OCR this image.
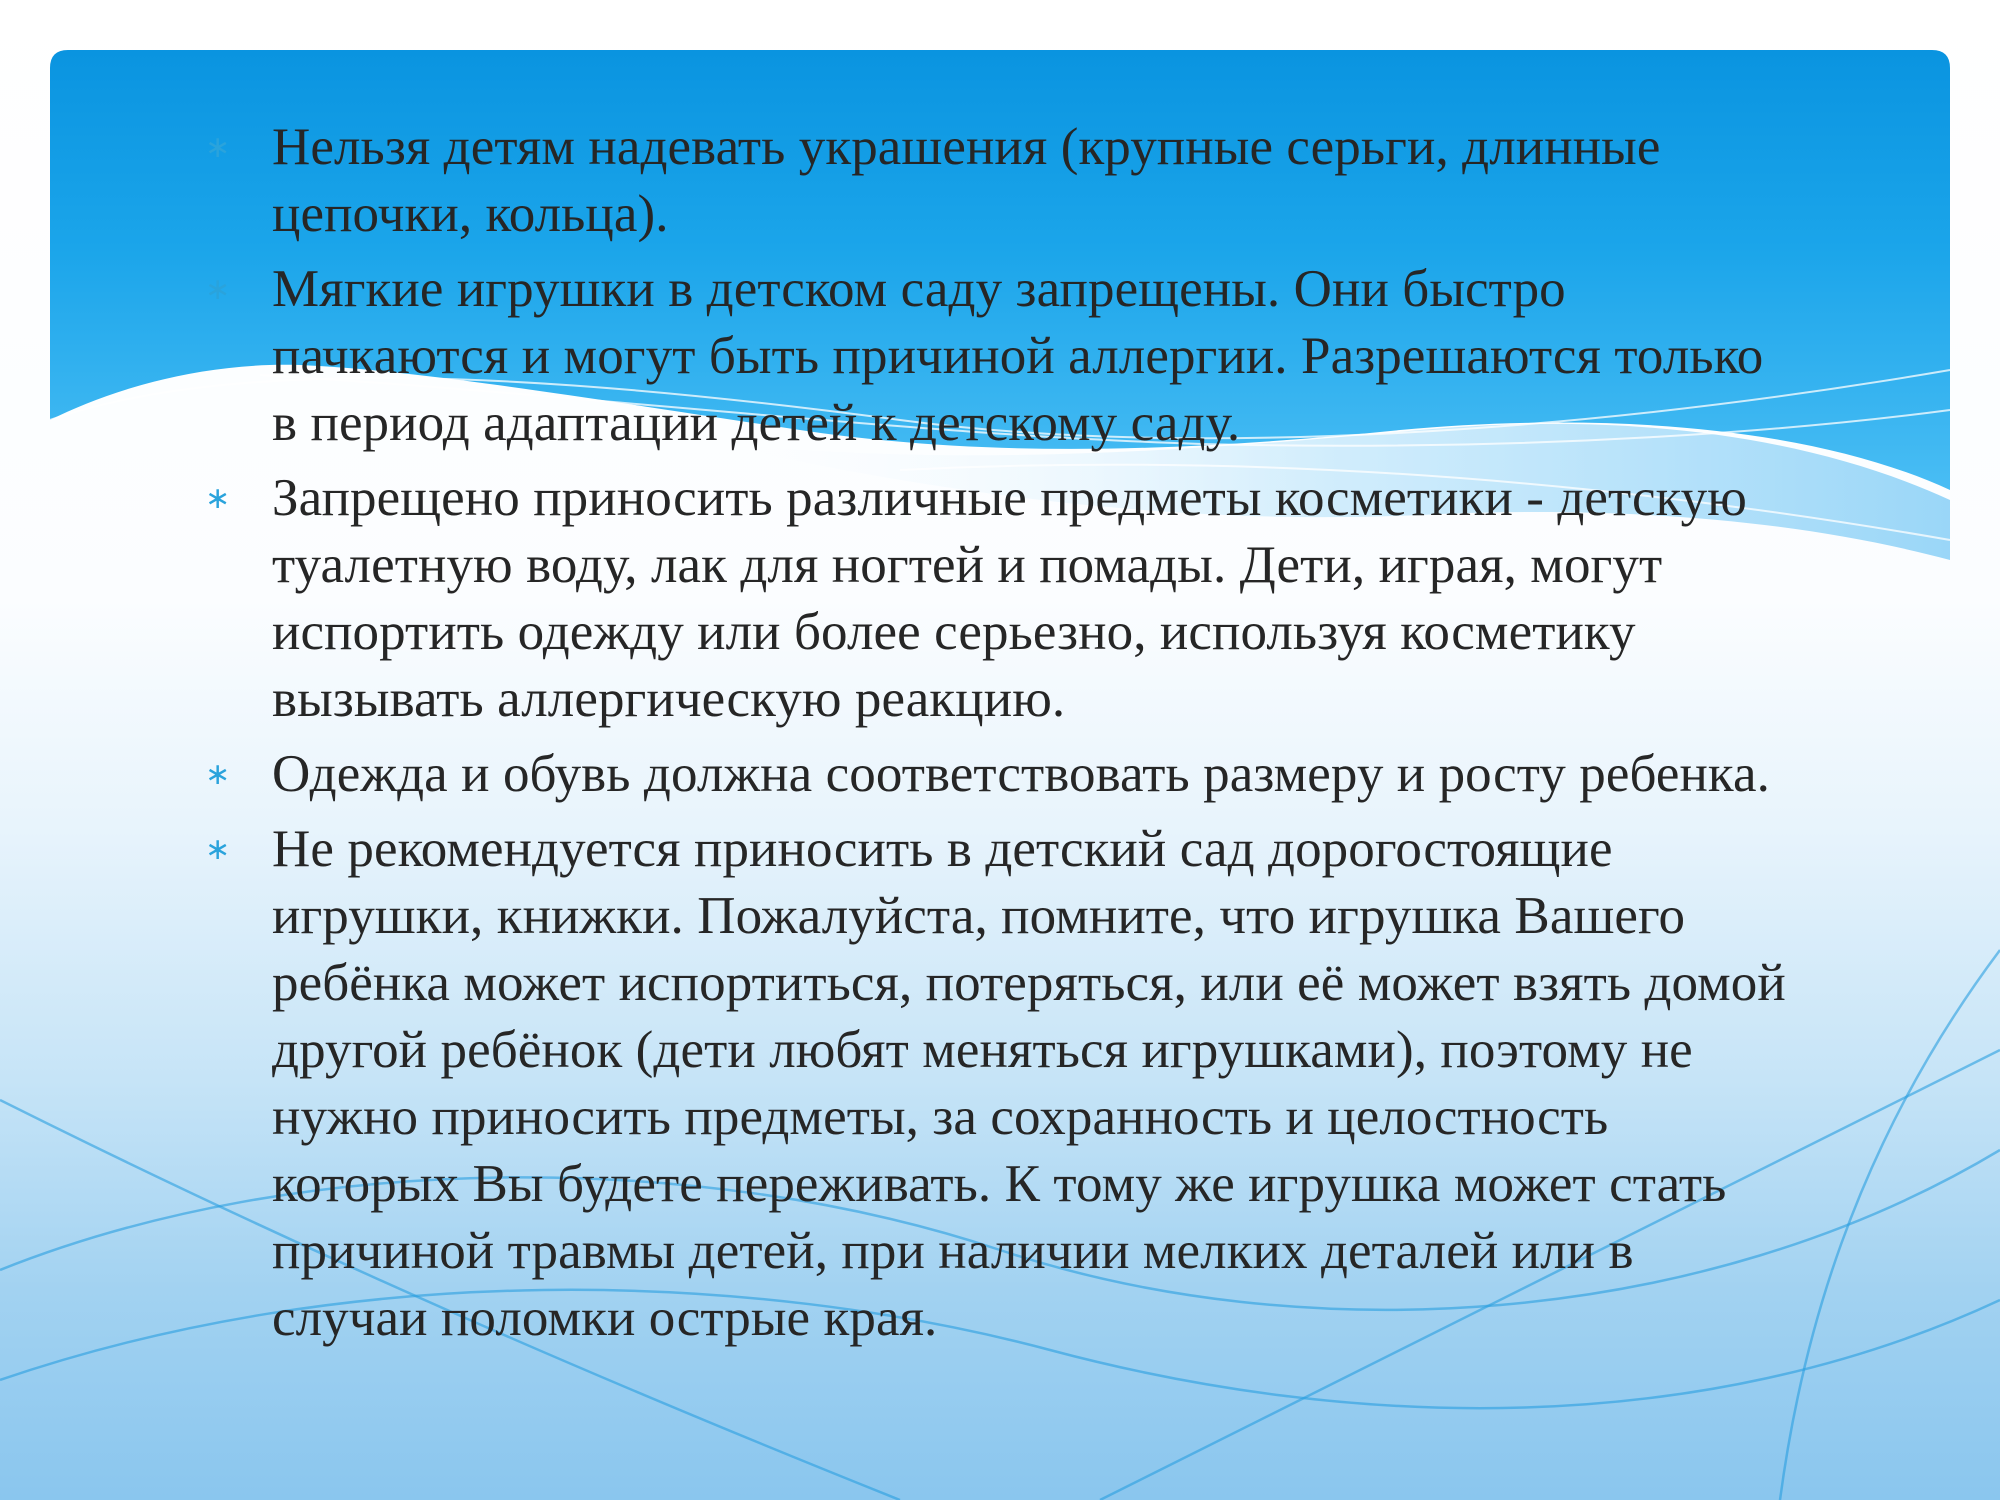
∗ Нельзя детям надевать украшения (крупные серьги, длинные цепочки, кольца).
∗ Мягкие игрушки в детском саду запрещены. Они быстро пачкаются и могут быть причиной аллергии. Разрешаются только в период адаптации детей к детскому саду.
∗ Запрещено приносить различные предметы косметики - детскую туалетную воду, лак для ногтей и помады. Дети, играя, могут испортить одежду или более серьезно, используя косметику вызывать аллергическую реакцию.
∗ Одежда и обувь должна соответствовать размеру и росту ребенка.
∗ Не рекомендуется приносить в детский сад дорогостоящие игрушки, книжки. Пожалуйста, помните, что игрушка Вашего ребёнка может испортиться, потеряться, или её может взять домой другой ребёнок (дети любят меняться игрушками), поэтому не нужно приносить предметы, за сохранность и целостность которых Вы будете переживать. К тому же игрушка может стать причиной травмы детей, при наличии мелких деталей или в случаи поломки острые края.
